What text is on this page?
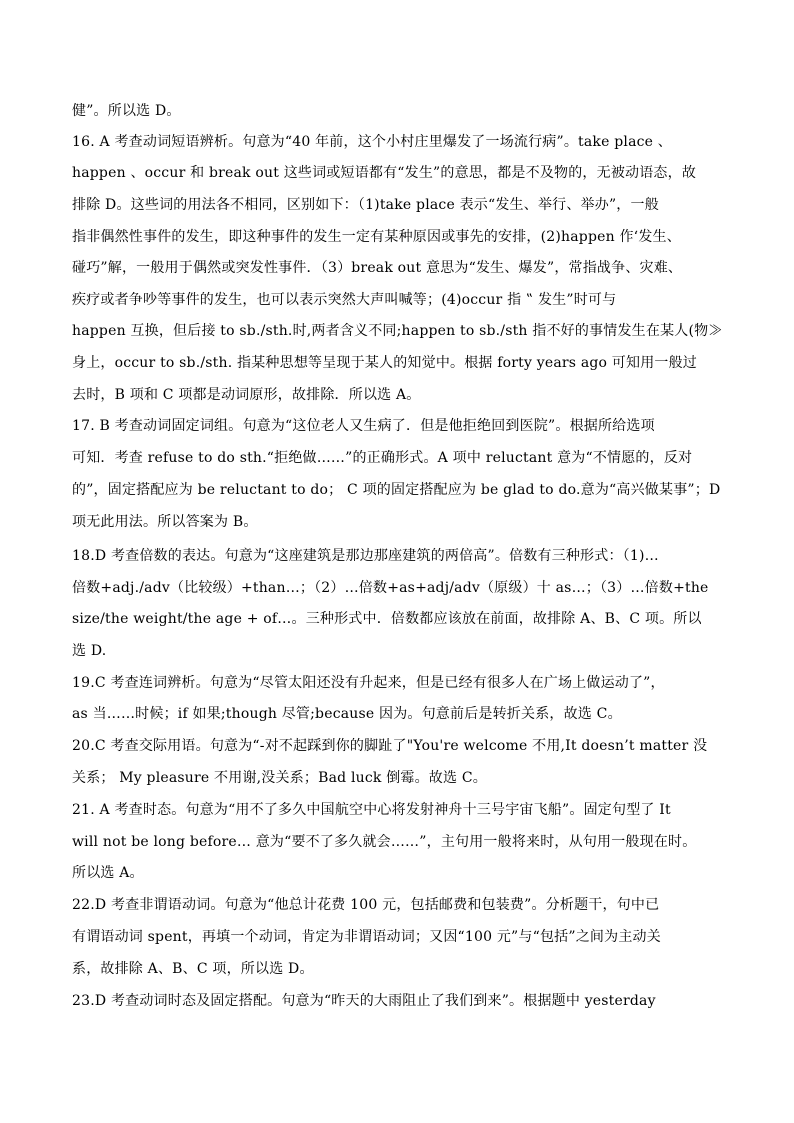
健”。所以选 D。
16. A 考查动词短语辨析。句意为“40 年前，这个小村庄里爆发了一场流行病”。take place 、
happen 、occur 和 break out 这些词或短语都有“发生”的意思，都是不及物的，无被动语态，故
排除 D。这些词的用法各不相同，区别如下：（1)take place 表示“发生、举行、举办”，一般
指非偶然性事件的发生，即这种事件的发生一定有某种原因或事先的安排，(2)happen 作‘发生、
碰巧”解，一般用于偶然或突发性事件．（3）break out 意思为“发生、爆发”，常指战争、灾难、
疾疗或者争吵等事件的发生，也可以表示突然大声叫喊等；(4)occur 指 ‟ 发生”时可与
happen 互换，但后接 to sb./sth.时,两者含义不同;happen to sb./sth 指不好的事情发生在某人(物≫
身上，occur to sb./sth. 指某种思想等呈现于某人的知觉中。根据 forty years ago 可知用一般过
去时，B 项和 C 项都是动词原形，故排除．所以选 A。
17. B 考查动词固定词组。句意为“这位老人又生病了．但是他拒绝回到医院”。根据所给选项
可知．考查 refuse to do sth.“拒绝做……”的正确形式。A 项中 reluctant 意为“不情愿的，反对
的”，固定搭配应为 be reluctant to do； C 项的固定搭配应为 be glad to do.意为“高兴做某事”；D
项无此用法。所以答案为 B。
18.D 考查倍数的表达。句意为“这座建筑是那边那座建筑的两倍高”。倍数有三种形式：（1)…
倍数+adj./adv（比较级）+than…；（2）…倍数+as+adj/adv（原级）十 as…；（3）…倍数+the
size/the weight/the age + of…。三种形式中．倍数都应该放在前面，故排除 A、B、C 项。所以
选 D.
19.C 考查连词辨析。句意为“尽管太阳还没有升起来，但是已经有很多人在广场上做运动了”，
as 当……时候；if 如果;though 尽管;because 因为。句意前后是转折关系，故选 C。
20.C 考查交际用语。句意为“-对不起踩到你的脚趾了"You're welcome 不用,It doesn’t matter 没
关系； My pleasure 不用谢,没关系；Bad luck 倒霉。故选 C。
21. A 考查时态。句意为“用不了多久中国航空中心将发射神舟十三号宇宙飞船”。固定句型了 It
will not be long before… 意为“要不了多久就会……”，主句用一般将来时，从句用一般现在时。
所以选 A。
22.D 考查非谓语动词。句意为“他总计花费 100 元，包括邮费和包装费”。分析题干，句中已
有谓语动词 spent，再填一个动词，肯定为非谓语动词；又因“100 元”与“包括”之间为主动关
系，故排除 A、B、C 项，所以选 D。
23.D 考查动词时态及固定搭配。句意为“昨天的大雨阻止了我们到来”。根据题中 yesterday
